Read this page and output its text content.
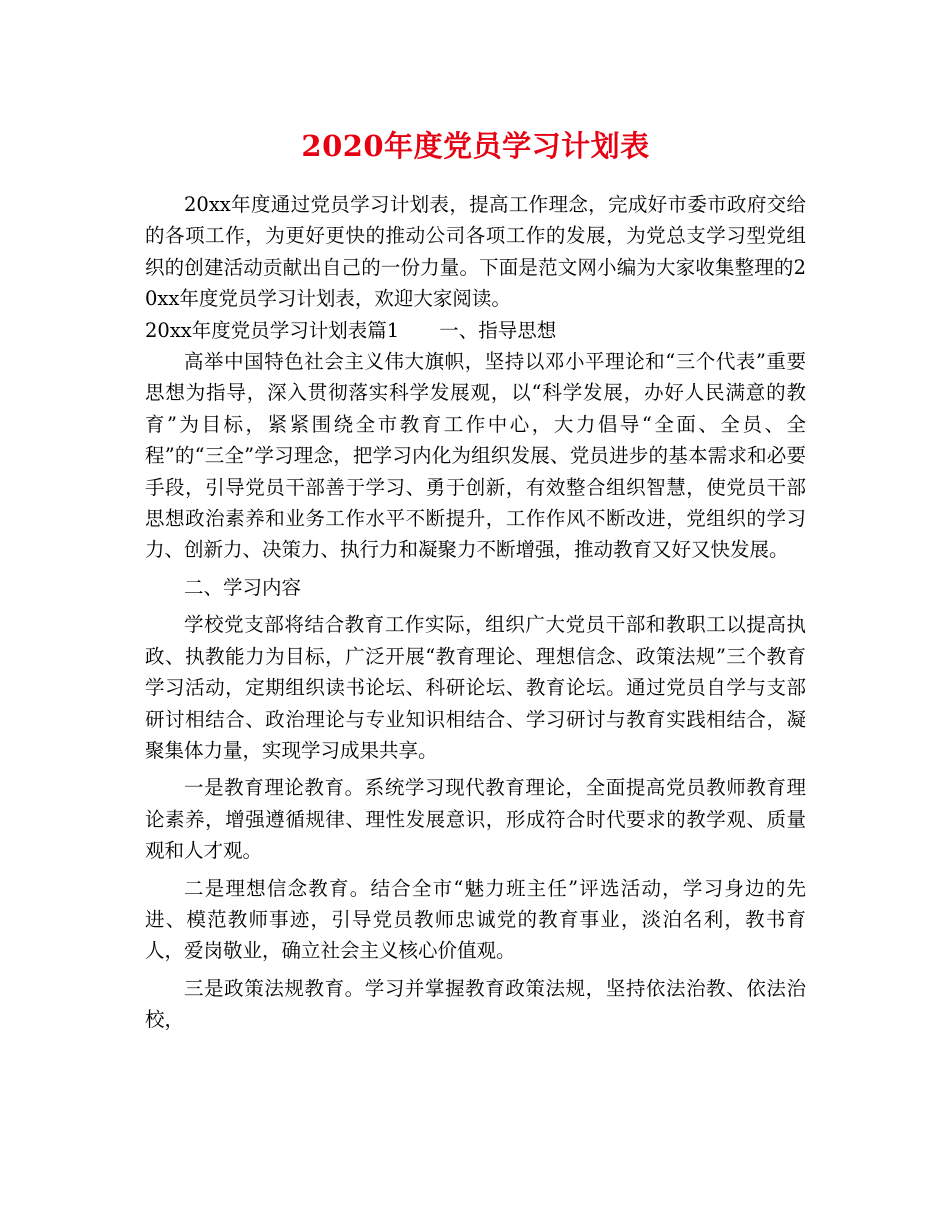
2020年度党员学习计划表

20xx年度通过党员学习计划表，提高工作理念，完成好市委市政府交给的各项工作，为更好更快的推动公司各项工作的发展，为党总支学习型党组织的创建活动贡献出自己的一份力量。下面是范文网小编为大家收集整理的20xx年度党员学习计划表，欢迎大家阅读。

20xx年度党员学习计划表篇1 一、指导思想

高举中国特色社会主义伟大旗帜，坚持以邓小平理论和“三个代表”重要思想为指导，深入贯彻落实科学发展观，以“科学发展，办好人民满意的教育”为目标，紧紧围绕全市教育工作中心，大力倡导“全面、全员、全程”的“三全”学习理念，把学习内化为组织发展、党员进步的基本需求和必要手段，引导党员干部善于学习、勇于创新，有效整合组织智慧，使党员干部思想政治素养和业务工作水平不断提升，工作作风不断改进，党组织的学习力、创新力、决策力、执行力和凝聚力不断增强，推动教育又好又快发展。

二、学习内容

学校党支部将结合教育工作实际，组织广大党员干部和教职工以提高执政、执教能力为目标，广泛开展“教育理论、理想信念、政策法规”三个教育学习活动，定期组织读书论坛、科研论坛、教育论坛。通过党员自学与支部研讨相结合、政治理论与专业知识相结合、学习研讨与教育实践相结合，凝聚集体力量，实现学习成果共享。

一是教育理论教育。系统学习现代教育理论，全面提高党员教师教育理论素养，增强遵循规律、理性发展意识，形成符合时代要求的教学观、质量观和人才观。

二是理想信念教育。结合全市“魅力班主任”评选活动，学习身边的先进、模范教师事迹，引导党员教师忠诚党的教育事业，淡泊名利，教书育人，爱岗敬业，确立社会主义核心价值观。

三是政策法规教育。学习并掌握教育政策法规，坚持依法治教、依法治校，
